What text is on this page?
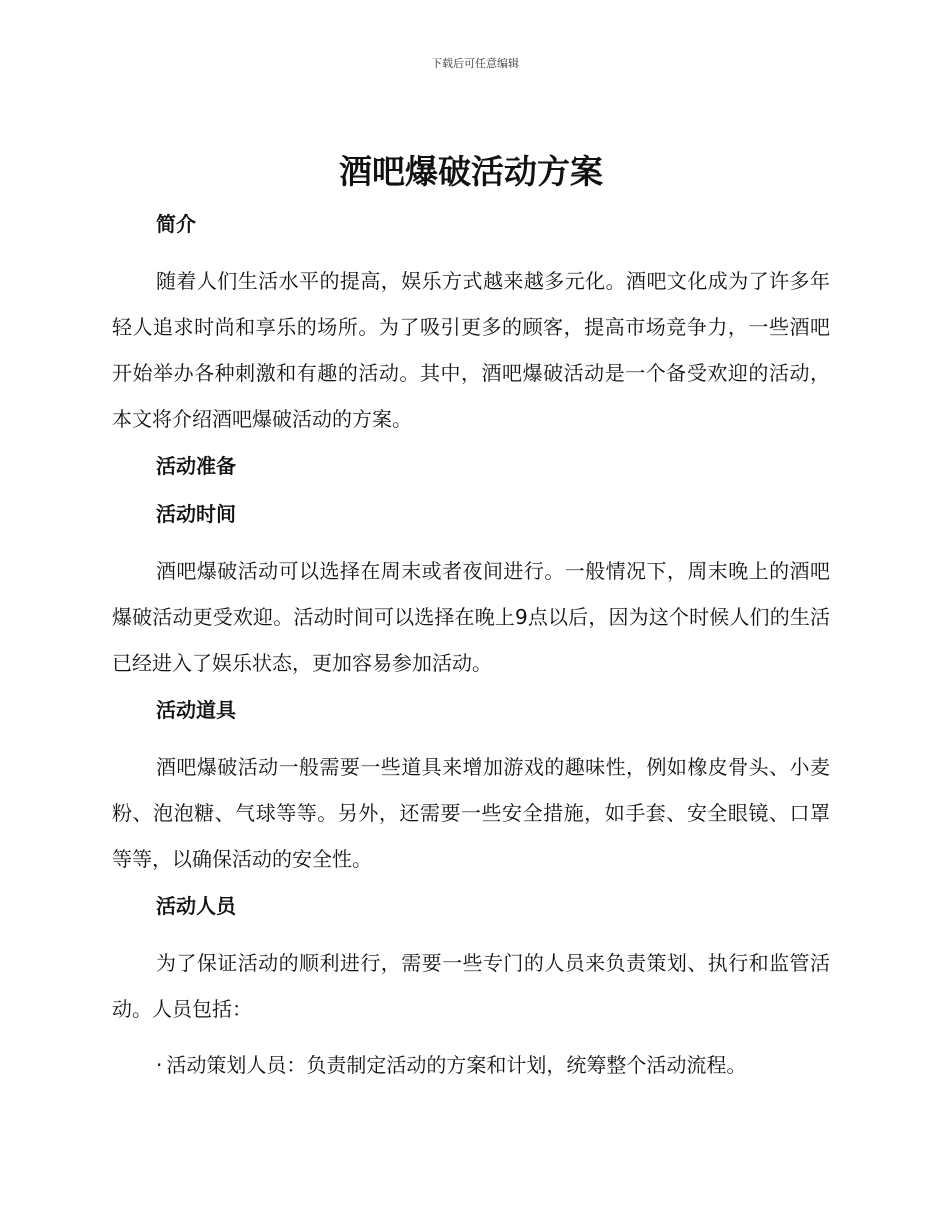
下载后可任意编辑
酒吧爆破活动方案
简介

随着人们生活水平的提高，娱乐方式越来越多元化。酒吧文化成为了许多年轻人追求时尚和享乐的场所。为了吸引更多的顾客，提高市场竞争力，一些酒吧开始举办各种刺激和有趣的活动。其中，酒吧爆破活动是一个备受欢迎的活动，本文将介绍酒吧爆破活动的方案。

活动准备
活动时间

酒吧爆破活动可以选择在周末或者夜间进行。一般情况下，周末晚上的酒吧爆破活动更受欢迎。活动时间可以选择在晚上9点以后，因为这个时候人们的生活已经进入了娱乐状态，更加容易参加活动。

活动道具

酒吧爆破活动一般需要一些道具来增加游戏的趣味性，例如橡皮骨头、小麦粉、泡泡糖、气球等等。另外，还需要一些安全措施，如手套、安全眼镜、口罩等等，以确保活动的安全性。

活动人员

为了保证活动的顺利进行，需要一些专门的人员来负责策划、执行和监管活动。人员包括：

· 活动策划人员：负责制定活动的方案和计划，统筹整个活动流程。
